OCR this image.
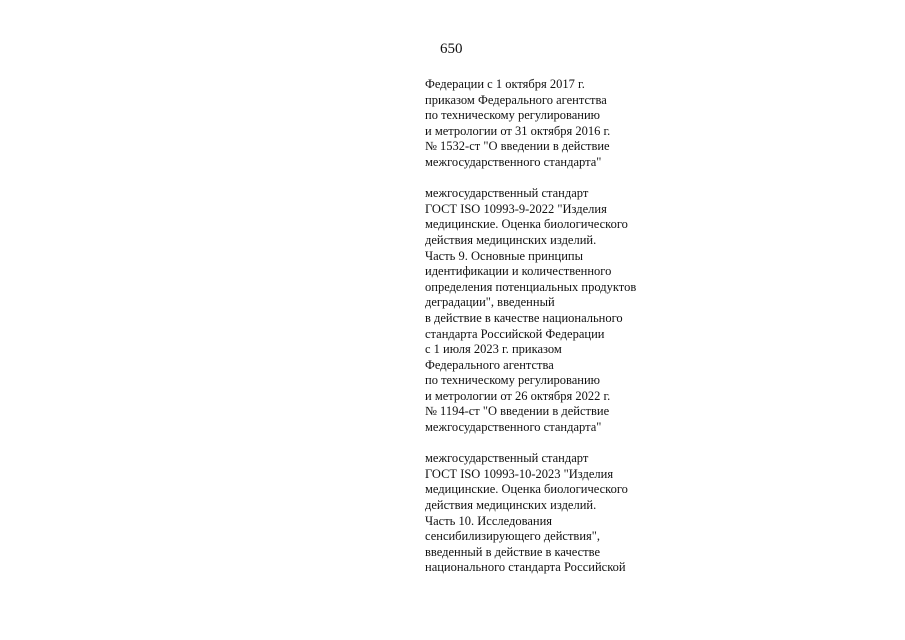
650
Федерации с 1 октября 2017 г.
приказом Федерального агентства
по техническому регулированию
и метрологии от 31 октября 2016 г.
№ 1532-ст "О введении в действие
межгосударственного стандарта"
межгосударственный стандарт
ГОСТ ISO 10993-9-2022 "Изделия
медицинские. Оценка биологического
действия медицинских изделий.
Часть 9. Основные принципы
идентификации и количественного
определения потенциальных продуктов
деградации", введенный
в действие в качестве национального
стандарта Российской Федерации
с 1 июля 2023 г. приказом
Федерального агентства
по техническому регулированию
и метрологии от 26 октября 2022 г.
№ 1194-ст "О введении в действие
межгосударственного стандарта"
межгосударственный стандарт
ГОСТ ISO 10993-10-2023 "Изделия
медицинские. Оценка биологического
действия медицинских изделий.
Часть 10. Исследования
сенсибилизирующего действия",
введенный в действие в качестве
национального стандарта Российской
